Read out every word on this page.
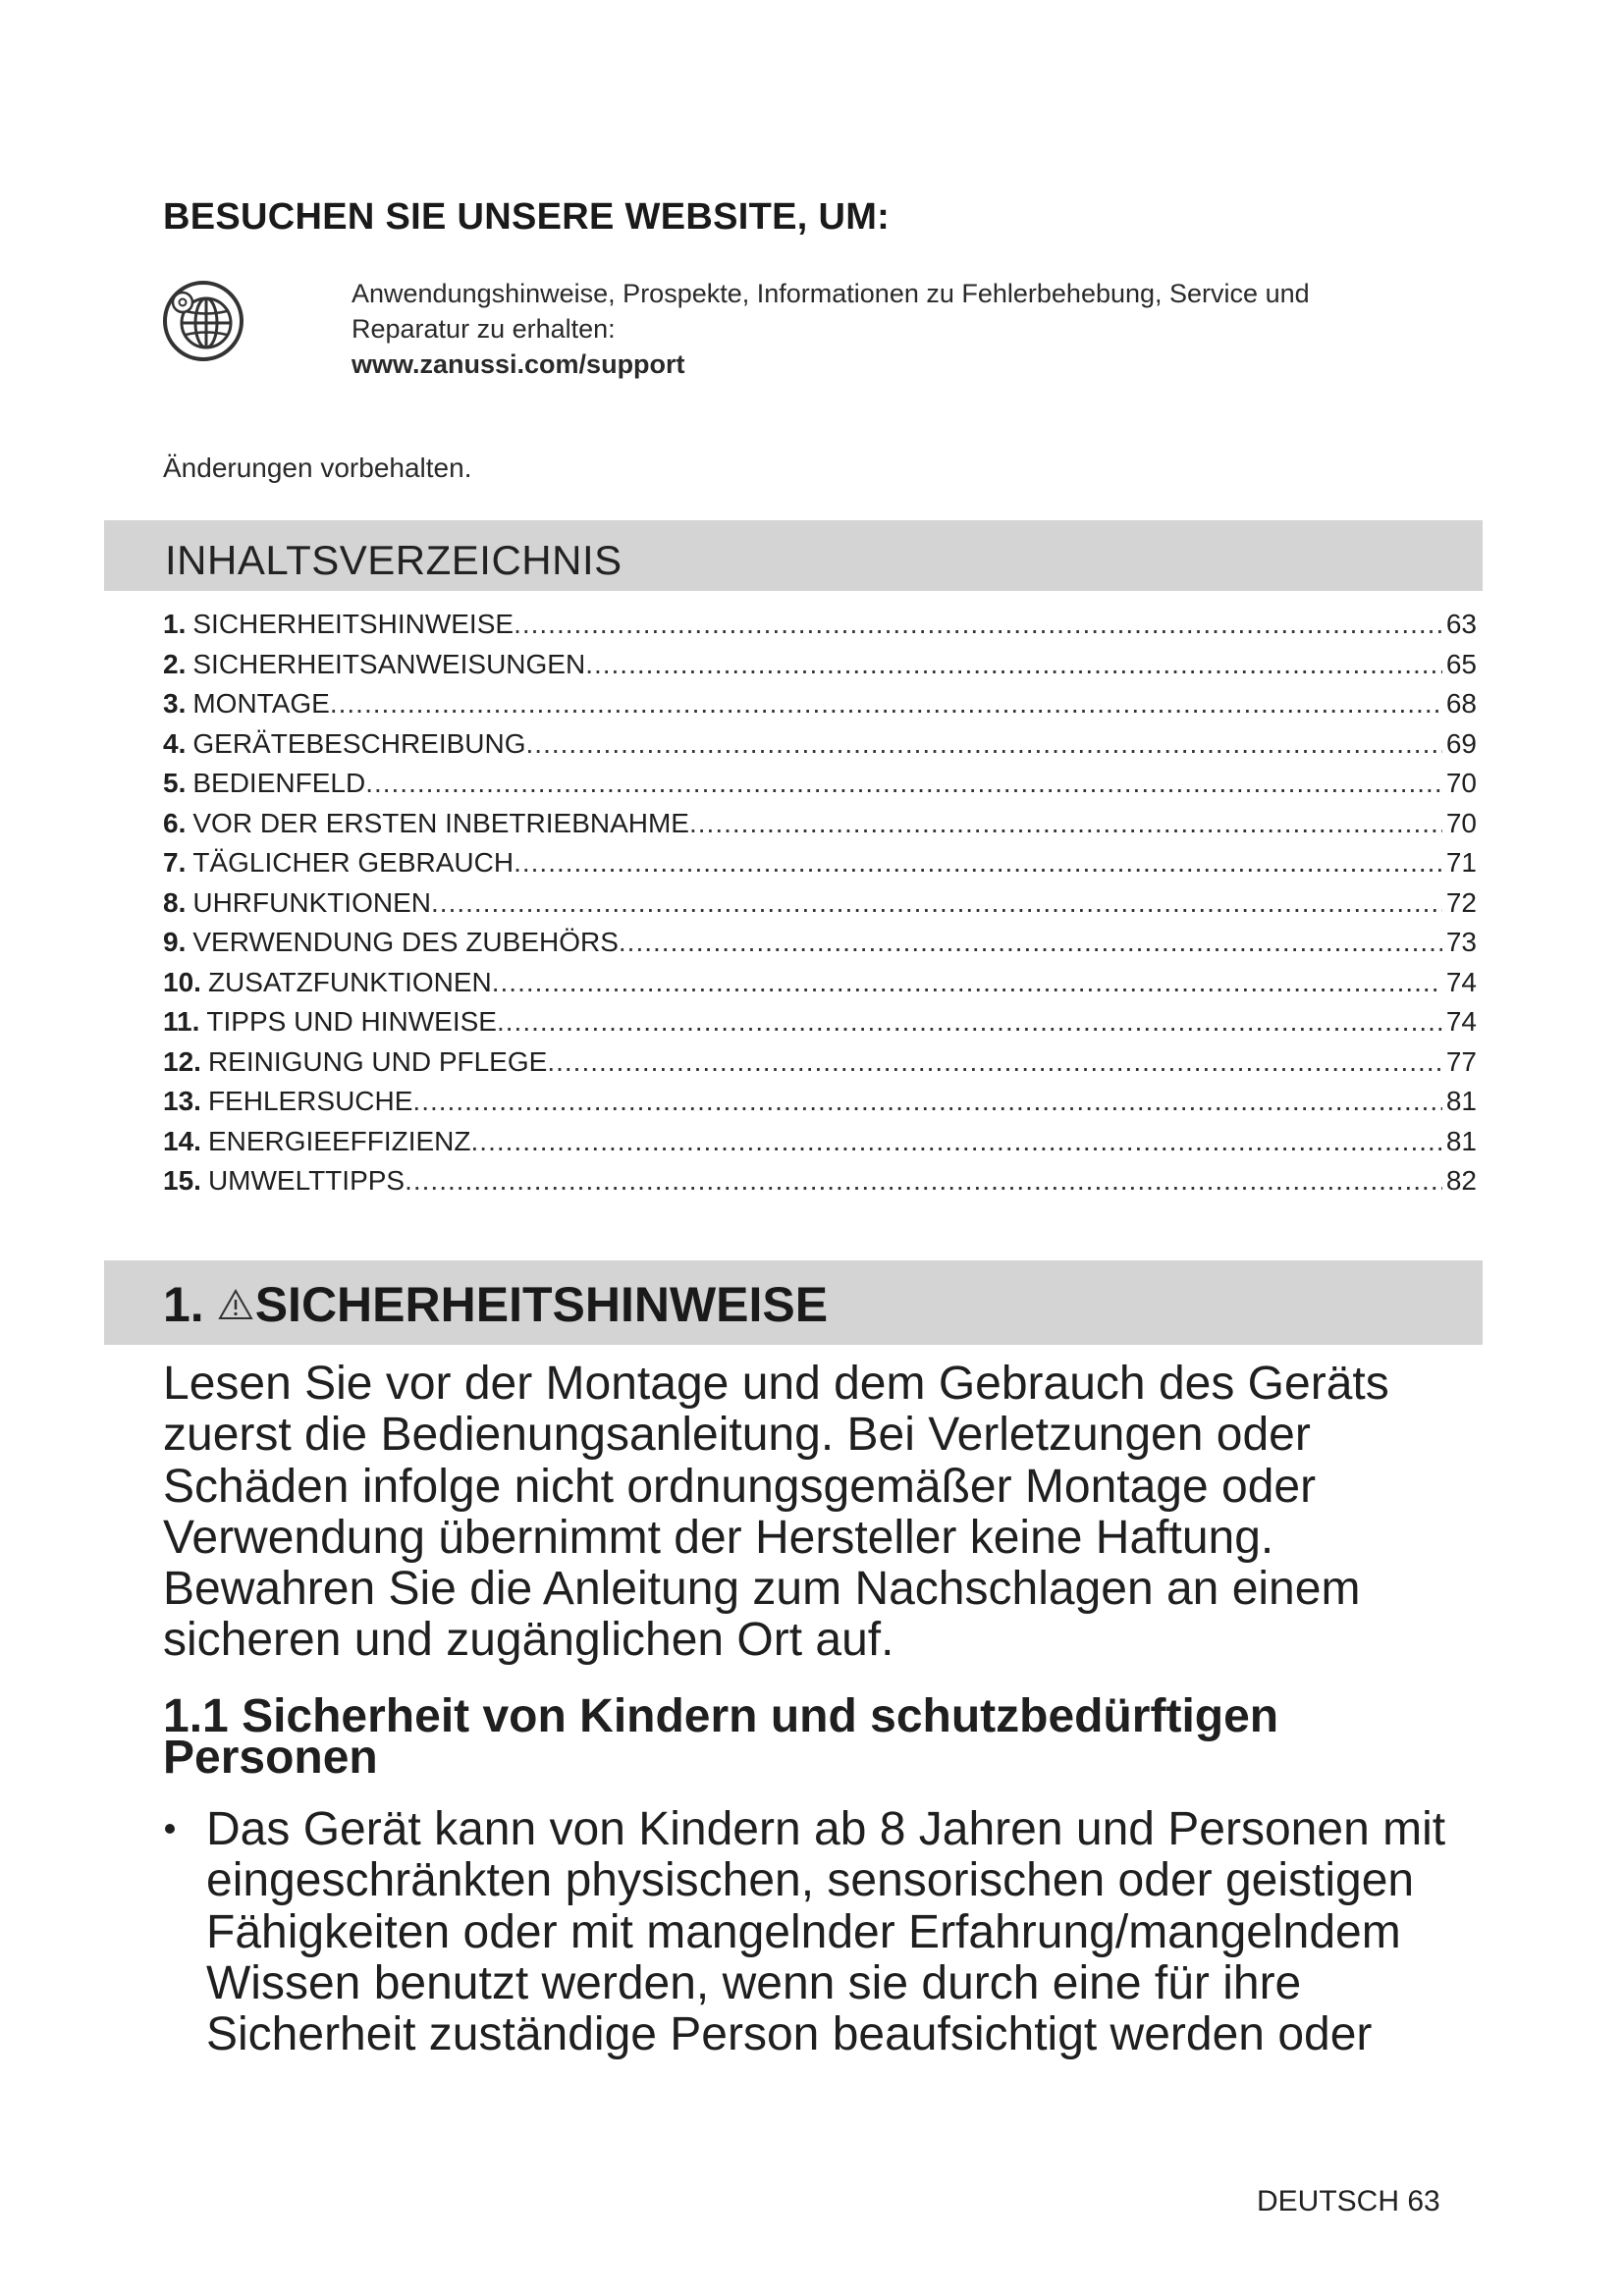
BESUCHEN SIE UNSERE WEBSITE, UM:
Anwendungshinweise, Prospekte, Informationen zu Fehlerbehebung, Service und
Reparatur zu erhalten:
www.zanussi.com/support
Änderungen vorbehalten.
INHALTSVERZEICHNIS
1. SICHERHEITSHINWEISE .....	63
2. SICHERHEITSANWEISUNGEN .....	65
3. MONTAGE .....	68
4. GERÄTEBESCHREIBUNG .....	69
5. BEDIENFELD .....	70
6. VOR DER ERSTEN INBETRIEBNAHME .....	70
7. TÄGLICHER GEBRAUCH .....	71
8. UHRFUNKTIONEN .....	72
9. VERWENDUNG DES ZUBEHÖRS .....	73
10. ZUSATZFUNKTIONEN .....	74
11. TIPPS UND HINWEISE .....	74
12. REINIGUNG UND PFLEGE .....	77
13. FEHLERSUCHE .....	81
14. ENERGIEEFFIZIENZ .....	81
15. UMWELTTIPPS .....	82
1. SICHERHEITSHINWEISE
Lesen Sie vor der Montage und dem Gebrauch des Geräts
zuerst die Bedienungsanleitung. Bei Verletzungen oder
Schäden infolge nicht ordnungsgemäßer Montage oder
Verwendung übernimmt der Hersteller keine Haftung.
Bewahren Sie die Anleitung zum Nachschlagen an einem
sicheren und zugänglichen Ort auf.
1.1 Sicherheit von Kindern und schutzbedürftigen
Personen
Das Gerät kann von Kindern ab 8 Jahren und Personen mit
eingeschränkten physischen, sensorischen oder geistigen
Fähigkeiten oder mit mangelnder Erfahrung/mangelndem
Wissen benutzt werden, wenn sie durch eine für ihre
Sicherheit zuständige Person beaufsichtigt werden oder
DEUTSCH 63
